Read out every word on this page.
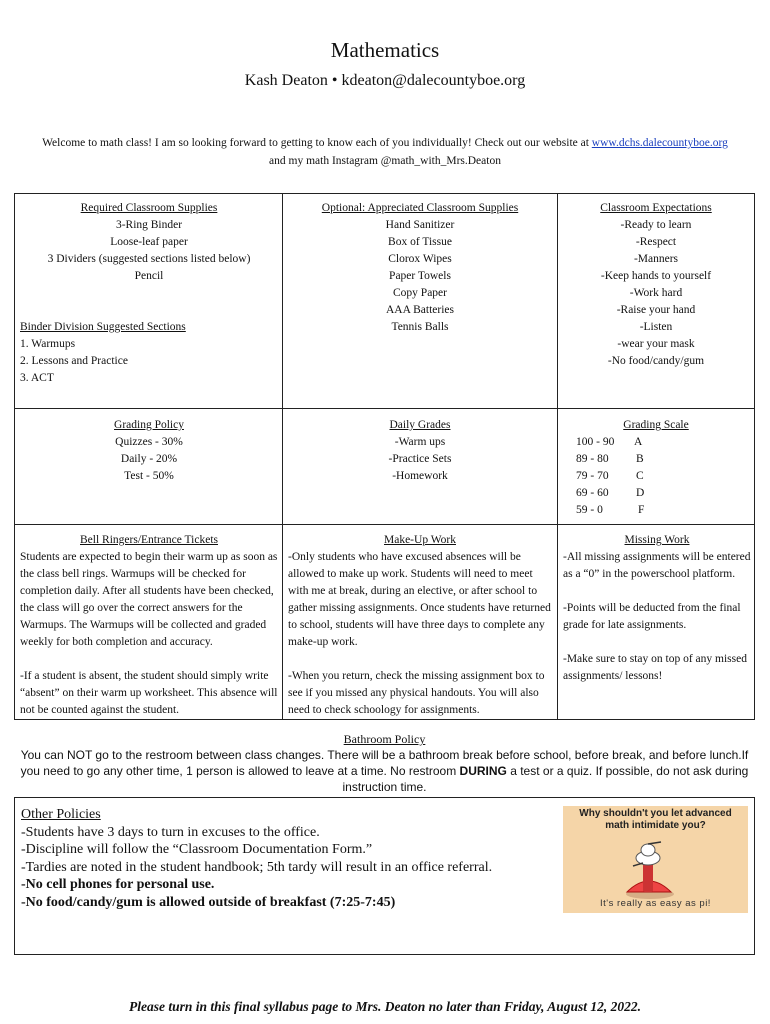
Mathematics
Kash Deaton • kdeaton@dalecountyboe.org
Welcome to math class! I am so looking forward to getting to know each of you individually! Check out our website at www.dchs.dalecountyboe.org
and my math Instagram @math_with_Mrs.Deaton

Required Classroom Supplies

3-Ring Binder

Loose-leaf paper

3 Dividers (suggested sections listed below)

Pencil

Binder Division Suggested Sections

1. Warmups

2. Lessons and Practice

3. ACT

Optional: Appreciated Classroom Supplies

Hand Sanitizer

Box of Tissue

Clorox Wipes

Paper Towels

Copy Paper

AAA Batteries

Tennis Balls

Classroom Expectations

-Ready to learn

-Respect

-Manners

-Keep hands to yourself

-Work hard

-Raise your hand

-Listen

-wear your mask

-No food/candy/gum

Grading Policy

Quizzes - 30%

Daily - 20%

Test - 50%

Daily Grades

-Warm ups

-Practice Sets

-Homework

Grading Scale

100 - 90	A
89 - 80	B
79 - 70	C
69 - 60	D
59 - 0	F

Bell Ringers/Entrance Tickets

Students are expected to begin their warm up as soon as the class bell rings. Warmups will be checked for completion daily. After all students have been checked, the class will go over the correct answers for the Warmups. The Warmups will be collected and graded weekly for both completion and accuracy.

-If a student is absent, the student should simply write “absent” on their warm up worksheet. This absence will not be counted against the student.

Make-Up Work

-Only students who have excused absences will be allowed to make up work. Students will need to meet with me at break, during an elective, or after school to gather missing assignments. Once students have returned to school, students will have three days to complete any make-up work.

-When you return, check the missing assignment box to see if you missed any physical handouts. You will also need to check schoology for assignments.

Missing Work

-All missing assignments will be entered as a “0” in the powerschool platform.

-Points will be deducted from the final grade for late assignments.

-Make sure to stay on top of any missed assignments/ lessons!

Bathroom Policy
You can NOT go to the restroom between class changes. There will be a bathroom break before school, before break, and before lunch.If you need to go any other time, 1 person is allowed to leave at a time. No restroom DURING a test or a quiz. If possible, do not ask during instruction time.
Other Policies
-Students have 3 days to turn in excuses to the office.
-Discipline will follow the “Classroom Documentation Form.”
-Tardies are noted in the student handbook; 5th tardy will result in an office referral.
-No cell phones for personal use.
-No food/candy/gum is allowed outside of breakfast (7:25-7:45)
Why shouldn't you let advanced math intimidate you?
It's really as easy as pi!
Please turn in this final syllabus page to Mrs. Deaton no later than Friday, August 12, 2022.
